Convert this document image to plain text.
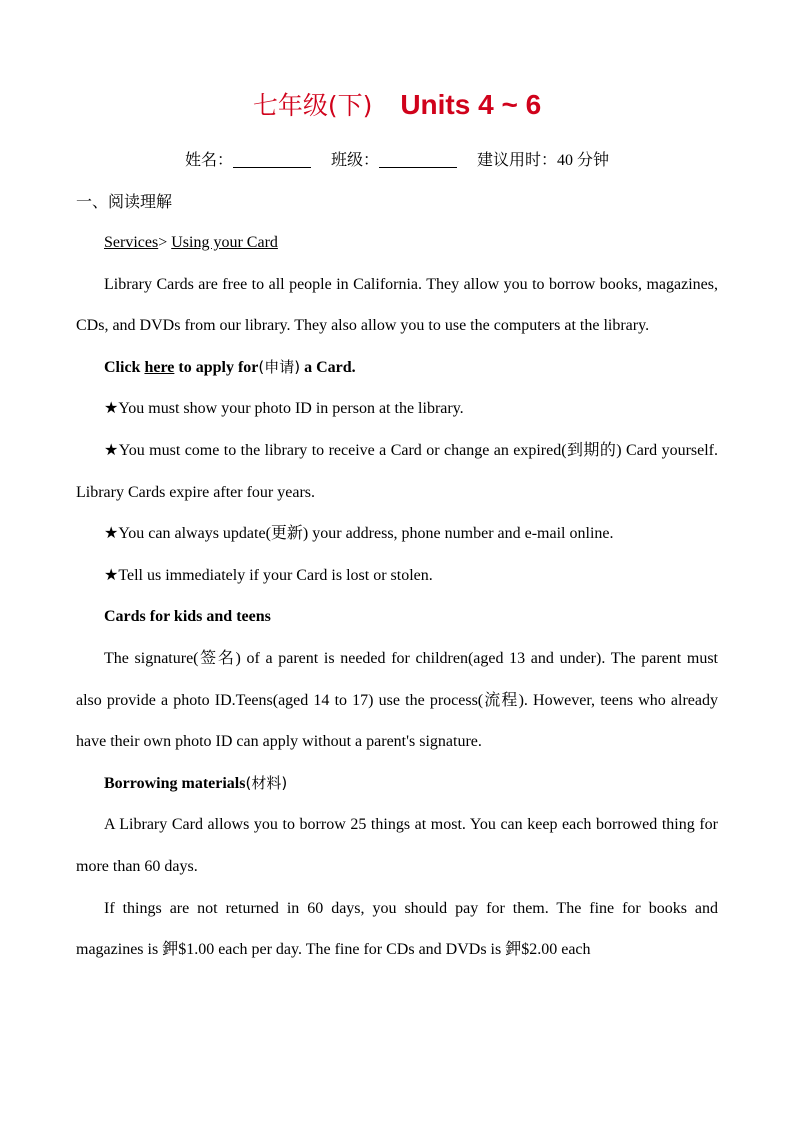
七年级(下) Units 4 ~ 6
姓名：	班级：	建议用时：40 分钟
一、阅读理解

Services> Using your Card

Library Cards are free to all people in California. They allow you to borrow books, magazines, CDs, and DVDs from our library. They also allow you to use the computers at the library.

Click here to apply for(申请) a Card.

★You must show your photo ID in person at the library.

★You must come to the library to receive a Card or change an expired(到期的) Card yourself. Library Cards expire after four years.

★You can always update(更新) your address, phone number and e-mail online.

★Tell us immediately if your Card is lost or stolen.

Cards for kids and teens

The signature(签名) of a parent is needed for children(aged 13 and under). The parent must also provide a photo ID.Teens(aged 14 to 17) use the process(流程). However, teens who already have their own photo ID can apply without a parent's signature.

Borrowing materials(材料)

A Library Card allows you to borrow 25 things at most. You can keep each borrowed thing for more than 60 days.

If things are not returned in 60 days, you should pay for them. The fine for books and magazines is 鉀$1.00 each per day. The fine for CDs and DVDs is 鉀$2.00 each
